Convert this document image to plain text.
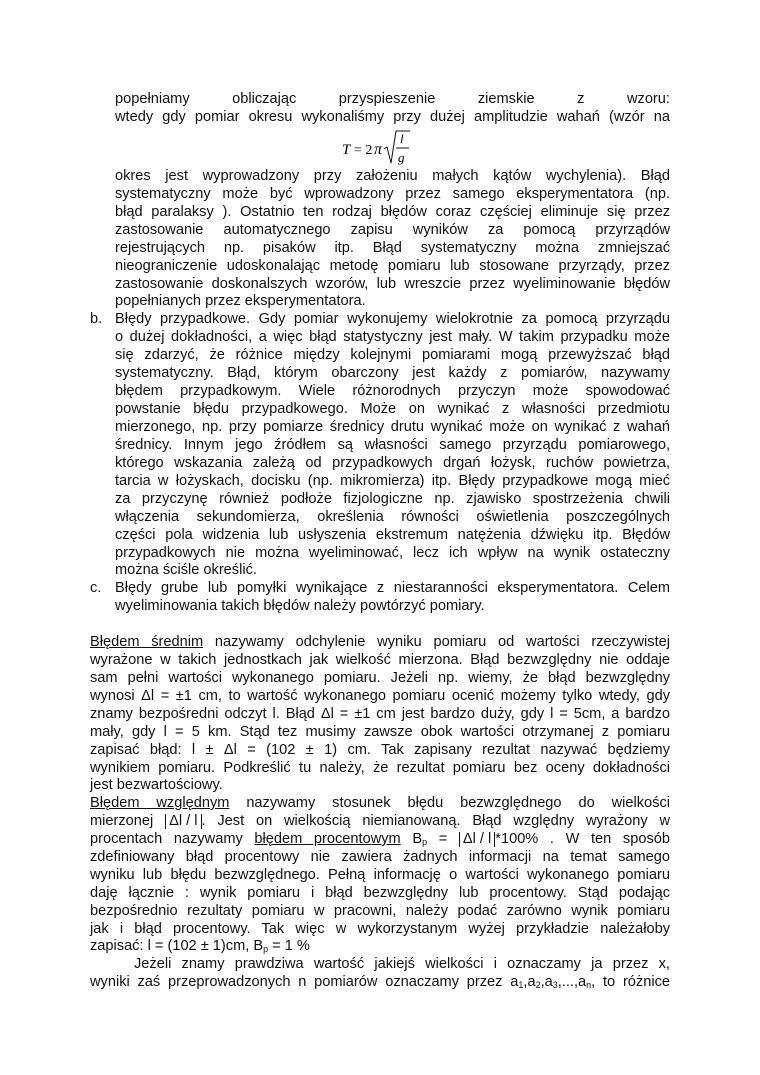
popełniamy	obliczając	przyspieszenie	ziemskie	z	wzoru:
wtedy gdy pomiar okresu wykonaliśmy przy dużej amplitudzie wahań (wzór na
T = 2 π
l
g
okres jest wyprowadzony przy założeniu małych kątów wychylenia). Błąd
systematyczny może być wprowadzony przez samego eksperymentatora (np.
błąd paralaksy ). Ostatnio ten rodzaj błędów coraz częściej eliminuje się przez
zastosowanie automatycznego zapisu wyników za pomocą przyrządów
rejestrujących np. pisaków itp. Błąd systematyczny można zmniejszać
nieograniczenie udoskonalając metodę pomiaru lub stosowane przyrządy, przez
zastosowanie doskonalszych wzorów, lub wreszcie przez wyeliminowanie błędów
popełnianych przez eksperymentatora.
b. Błędy przypadkowe. Gdy pomiar wykonujemy wielokrotnie za pomocą przyrządu
o dużej dokładności, a więc błąd statystyczny jest mały. W takim przypadku może
się zdarzyć, że różnice między kolejnymi pomiarami mogą przewyższać błąd
systematyczny. Błąd, którym obarczony jest każdy z pomiarów, nazywamy
błędem przypadkowym. Wiele różnorodnych przyczyn może spowodować
powstanie błędu przypadkowego. Może on wynikać z własności przedmiotu
mierzonego, np. przy pomiarze średnicy drutu wynikać może on wynikać z wahań
średnicy. Innym jego źródłem są własności samego przyrządu pomiarowego,
którego wskazania zależą od przypadkowych drgań łożysk, ruchów powietrza,
tarcia w łożyskach, docisku (np. mikromierza) itp. Błędy przypadkowe mogą mieć
za przyczynę również podłoże fizjologiczne np. zjawisko spostrzeżenia chwili
włączenia sekundomierza, określenia równości oświetlenia poszczególnych
części pola widzenia lub usłyszenia ekstremum natężenia dźwięku itp. Błędów
przypadkowych nie można wyeliminować, lecz ich wpływ na wynik ostateczny
można ściśle określić.
c. Błędy grube lub pomyłki wynikające z niestaranności eksperymentatora. Celem
wyeliminowania takich błędów należy powtórzyć pomiary.
Błędem średnim nazywamy odchylenie wyniku pomiaru od wartości rzeczywistej
wyrażone w takich jednostkach jak wielkość mierzona. Błąd bezwzględny nie oddaje
sam pełni wartości wykonanego pomiaru. Jeżeli np. wiemy, że błąd bezwzględny
wynosi Δl = ±1 cm, to wartość wykonanego pomiaru ocenić możemy tylko wtedy, gdy
znamy bezpośredni odczyt l. Błąd Δl = ±1 cm jest bardzo duży, gdy l = 5cm, a bardzo
mały, gdy l = 5 km. Stąd tez musimy zawsze obok wartości otrzymanej z pomiaru
zapisać błąd: l ± Δl = (102 ± 1) cm. Tak zapisany rezultat nazywać będziemy
wynikiem pomiaru. Podkreślić tu należy, że rezultat pomiaru bez oceny dokładności
jest bezwartościowy.
Błędem względnym nazywamy stosunek błędu bezwzględnego do wielkości
mierzonej Δl / l . Jest on wielkością niemianowaną. Błąd względny wyrażony w
procentach nazywamy błędem procentowym $B_p = \Delta l / l$ *100% . W ten sposób
zdefiniowany błąd procentowy nie zawiera żadnych informacji na temat samego
wyniku lub błędu bezwzględnego. Pełną informację o wartości wykonanego pomiaru
daję łącznie : wynik pomiaru i błąd bezwzględny lub procentowy. Stąd podając
bezpośrednio rezultaty pomiaru w pracowni, należy podać zarówno wynik pomiaru
jak i błąd procentowy. Tak więc w wykorzystanym wyżej przykładzie należałoby
zapisać: l = (102 ± 1)cm, $B_p = 1$ %
Jeżeli znamy prawdziwa wartość jakiejś wielkości i oznaczamy ja przez x,
wyniki zaś przeprowadzonych n pomiarów oznaczamy przez $a_1,a_2,a_3,...,a_n$, to różnice
